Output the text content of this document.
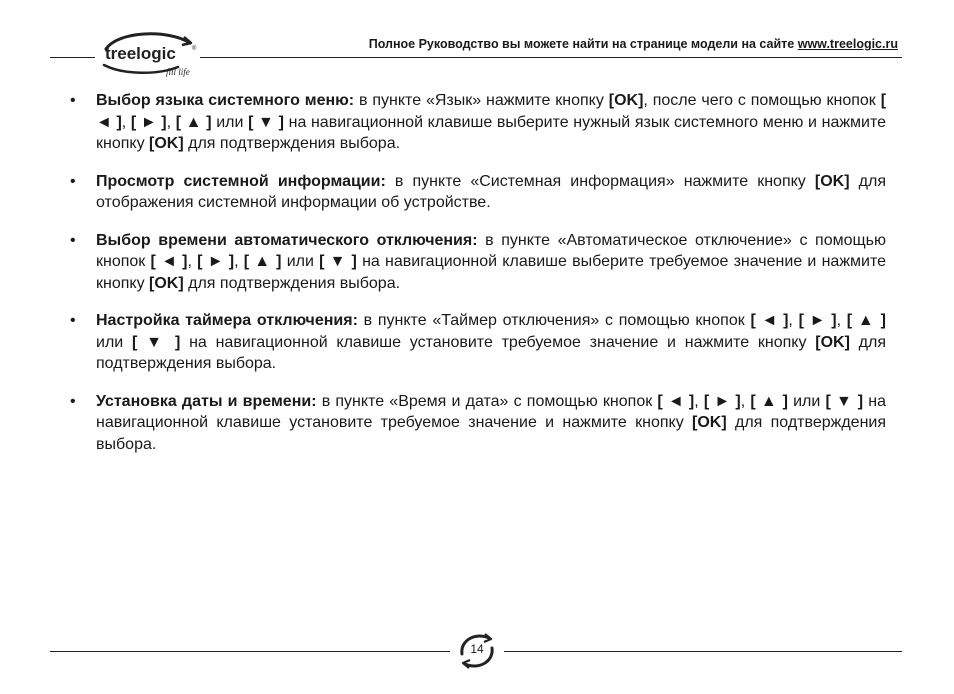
treelogic	®
fill life
Полное Руководство вы можете найти на странице модели на сайте www.treelogic.ru
• Выбор языка системного меню: в пункте «Язык» нажмите кнопку [OK], после чего с помощью кнопок [ ◄ ], [ ► ], [ ▲ ] или [ ▼ ] на навигационной клавише выберите нужный язык системного меню и нажмите кнопку [OK] для подтверждения выбора.
• Просмотр системной информации: в пункте «Системная информация» нажмите кнопку [OK] для отображения системной информации об устройстве.
• Выбор времени автоматического отключения: в пункте «Автоматическое отключение» с помощью кнопок [ ◄ ], [ ► ], [ ▲ ] или [ ▼ ] на навигационной клавише выберите требуемое значение и нажмите кнопку [OK] для подтверждения выбора.
• Настройка таймера отключения: в пункте «Таймер отключения» с помощью кнопок [ ◄ ], [ ► ], [ ▲ ] или [ ▼ ] на навигационной клавише установите требуемое значение и нажмите кнопку [OK] для подтверждения выбора.
• Установка даты и времени: в пункте «Время и дата» с помощью кнопок [ ◄ ], [ ► ], [ ▲ ] или [ ▼ ] на навигационной клавише установите требуемое значение и нажмите кнопку [OK] для подтверждения выбора.
14
